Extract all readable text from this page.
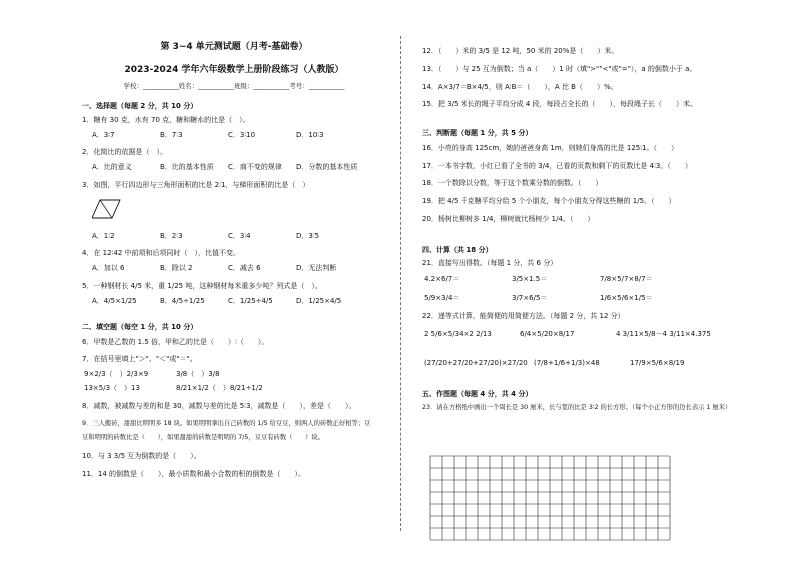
第 3~4 单元测试题（月考-基础卷）
2023-2024 学年六年级数学上册阶段练习（人教版）
学校：___________姓名：___________班级：___________考号：___________
一、选择题（每题 2 分，共 10 分）
1．糖有 30 克，水有 70 克，糖和糖水的比是（　）。
A．3∶7	B．7∶3	C．3∶10	D．10∶3
2．化简比的依据是（　）。
A．比的意义	B．比的基本性质	C．商不变的规律	D．分数的基本性质
3．如图，平行四边形与三角形面积的比是 2∶1，与梯形面积的比是（　）
A．1∶2	B．2∶3	C．3∶4	D．3∶5
4．在 12∶42 中前项和后项同时（　），比值不变。
A．加以 6	B．除以 2	C．减去 6	D．无法判断
5．一种钢材长 4/5 米，重 1/25 吨，这种钢材每米重多少吨？列式是（　）。
A．4/5×1/25	B．4/5÷1/25	C．1/25÷4/5	D．1/25×4/5
二、填空题（每空 1 分，共 10 分）
6．甲数是乙数的 1.5 倍，甲和乙的比是（　　）∶（　　）。
7．在括号里填上"＞"、"＜"或"＝"。
9×2/3（　）2/3×9	3/8（　）3/8
13×5/3（　）13	8/21×1/2（　）8/21÷1/2
8．减数，被减数与差的和是 30，减数与差的比是 5∶3，减数是（　　），差是（　　）。
9．三人搬砖，甜甜比明明多 18 块。如果明明拿出自己砖数的 1/5 给豆豆，则两人的砖数正好相等；豆
豆和明明的砖数比是（　　），如果甜甜的砖数是明明的 7/5，豆豆有砖数（　　）块。
10．与 3 3/5 互为倒数的是（　　）。
11．14 的倒数是（　　），最小质数和最小合数的积的倒数是（　　）。
12．（　　）米的 3/5 是 12 吨，50 米的 20%是（　　）米。
13．（　　）与 25 互为倒数；当 a（　　）1 时（填">""<"或"="），a 的倒数小于 a。
14．A×3/7＝B×4/5，则 A∶B＝（　　），A 比 B（　　）%。
15．把 3/5 米长的绳子平均分成 4 段，每段占全长的（　　），每段绳子长（　　）米。
三、判断题（每题 1 分，共 5 分）
16．小亮的身高 125cm，她的爸爸身高 1m，则她们身高的比是 125∶1。（　　）
17．一本书字数，小红已看了全书的 3/4，已看的页数和剩下的页数比是 4∶3。（　　）
18．一个数除以分数，等于这个数乘分数的倒数。（　　）
19．把 4/5 千克糖平均分给 5 个小朋友，每个小朋友分得这些糖的 1/5。（　　）
20．杨树比柳树多 1/4，柳树就比杨树少 1/4。（　　）
四、计算（共 18 分）
21．直接写出得数。（每题 1 分，共 6 分）
4.2×6/7＝	3/5×1.5＝	7/8×5/7×8/7＝
5/9×3/4＝	3/7×6/5＝	1/6×5/6×1/5＝
22．递等式计算，能简便的用简便方法。（每题 2 分，共 12 分）
2 5/6×5/34×2 2/13	6/4×5/20×8/17	4 3/11×5/8－4 3/11×4.375
(27/20+27/20+27/20)×27/20 (7/8+1/6+1/3)×48	17/9×5/6×8/19
五、作图题（每题 4 分，共 4 分）
23．请在方格纸中画出一个周长是 30 厘米，长与宽的比是 3∶2 的长方形。（每个小正方形的边长表示 1 厘米）
